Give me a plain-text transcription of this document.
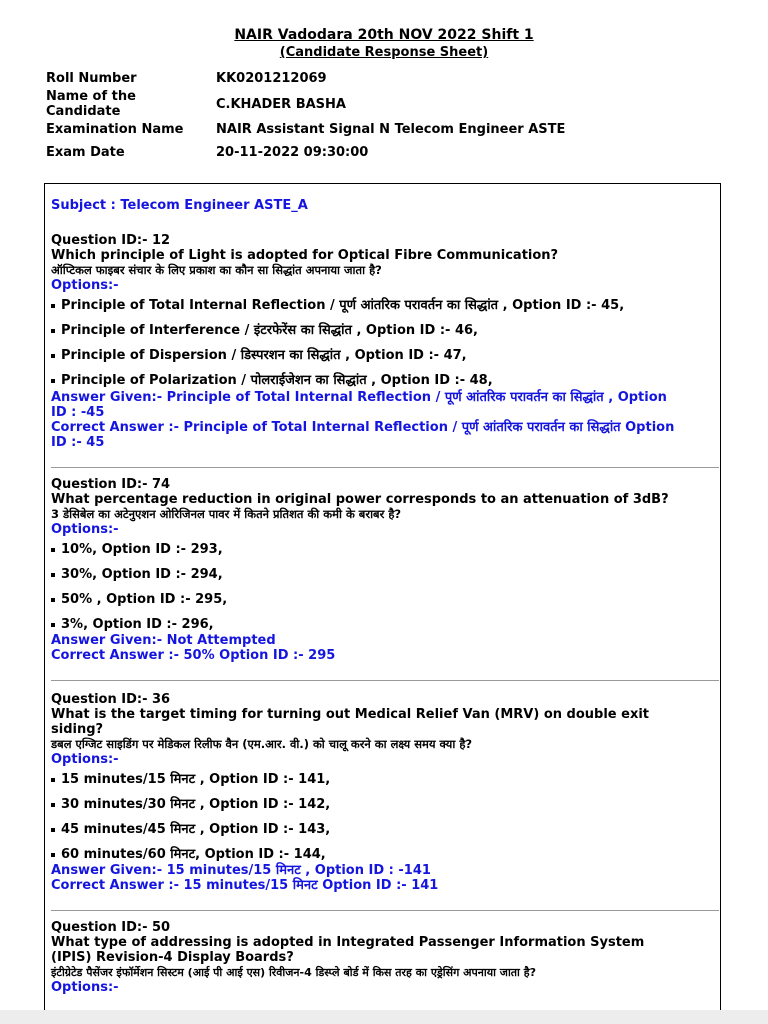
NAIR Vadodara 20th NOV 2022 Shift 1
(Candidate Response Sheet)
Roll Number	KK0201212069
Name of the
Candidate	C.KHADER BASHA
Examination Name	NAIR Assistant Signal N Telecom Engineer ASTE
Exam Date	20-11-2022 09:30:00
Subject : Telecom Engineer ASTE_A

Question ID:- 12

Which principle of Light is adopted for Optical Fibre Communication?

ऑप्टिकल फाइबर संचार के लिए प्रकाश का कौन सा सिद्धांत अपनाया जाता है?

Options:-

Principle of Total Internal Reflection / पूर्ण आंतरिक परावर्तन का सिद्धांत , Option ID :- 45,

Principle of Interference / इंटरफेरेंस का सिद्धांत , Option ID :- 46,

Principle of Dispersion / डिस्परशन का सिद्धांत , Option ID :- 47,

Principle of Polarization / पोलराईजेशन का सिद्धांत , Option ID :- 48,

Answer Given:- Principle of Total Internal Reflection / पूर्ण आंतरिक परावर्तन का सिद्धांत , Option
ID : -45

Correct Answer :- Principle of Total Internal Reflection / पूर्ण आंतरिक परावर्तन का सिद्धांत Option
ID :- 45

Question ID:- 74

What percentage reduction in original power corresponds to an attenuation of 3dB?

3 डेसिबेल का अटेनुएशन ओरिजिनल पावर में कितने प्रतिशत की कमी के बराबर है?

Options:-

10%, Option ID :- 293,

30%, Option ID :- 294,

50% , Option ID :- 295,

3%, Option ID :- 296,

Answer Given:- Not Attempted

Correct Answer :- 50% Option ID :- 295

Question ID:- 36

What is the target timing for turning out Medical Relief Van (MRV) on double exit
siding?

डबल एग्जिट साइडिंग पर मेडिकल रिलीफ वैन (एम.आर. वी.) को चालू करने का लक्ष्य समय क्या है?

Options:-

15 minutes/15 मिनट , Option ID :- 141,

30 minutes/30 मिनट , Option ID :- 142,

45 minutes/45 मिनट , Option ID :- 143,

60 minutes/60 मिनट, Option ID :- 144,

Answer Given:- 15 minutes/15 मिनट , Option ID : -141

Correct Answer :- 15 minutes/15 मिनट Option ID :- 141

Question ID:- 50

What type of addressing is adopted in Integrated Passenger Information System
(IPIS) Revision-4 Display Boards?

इंटीग्रेटेड पैसेंजर इंफॉर्मेशन सिस्टम (आई पी आई एस) रिवीजन-4 डिस्प्ले बोर्ड में किस तरह का एड्रेसिंग अपनाया जाता है?

Options:-
